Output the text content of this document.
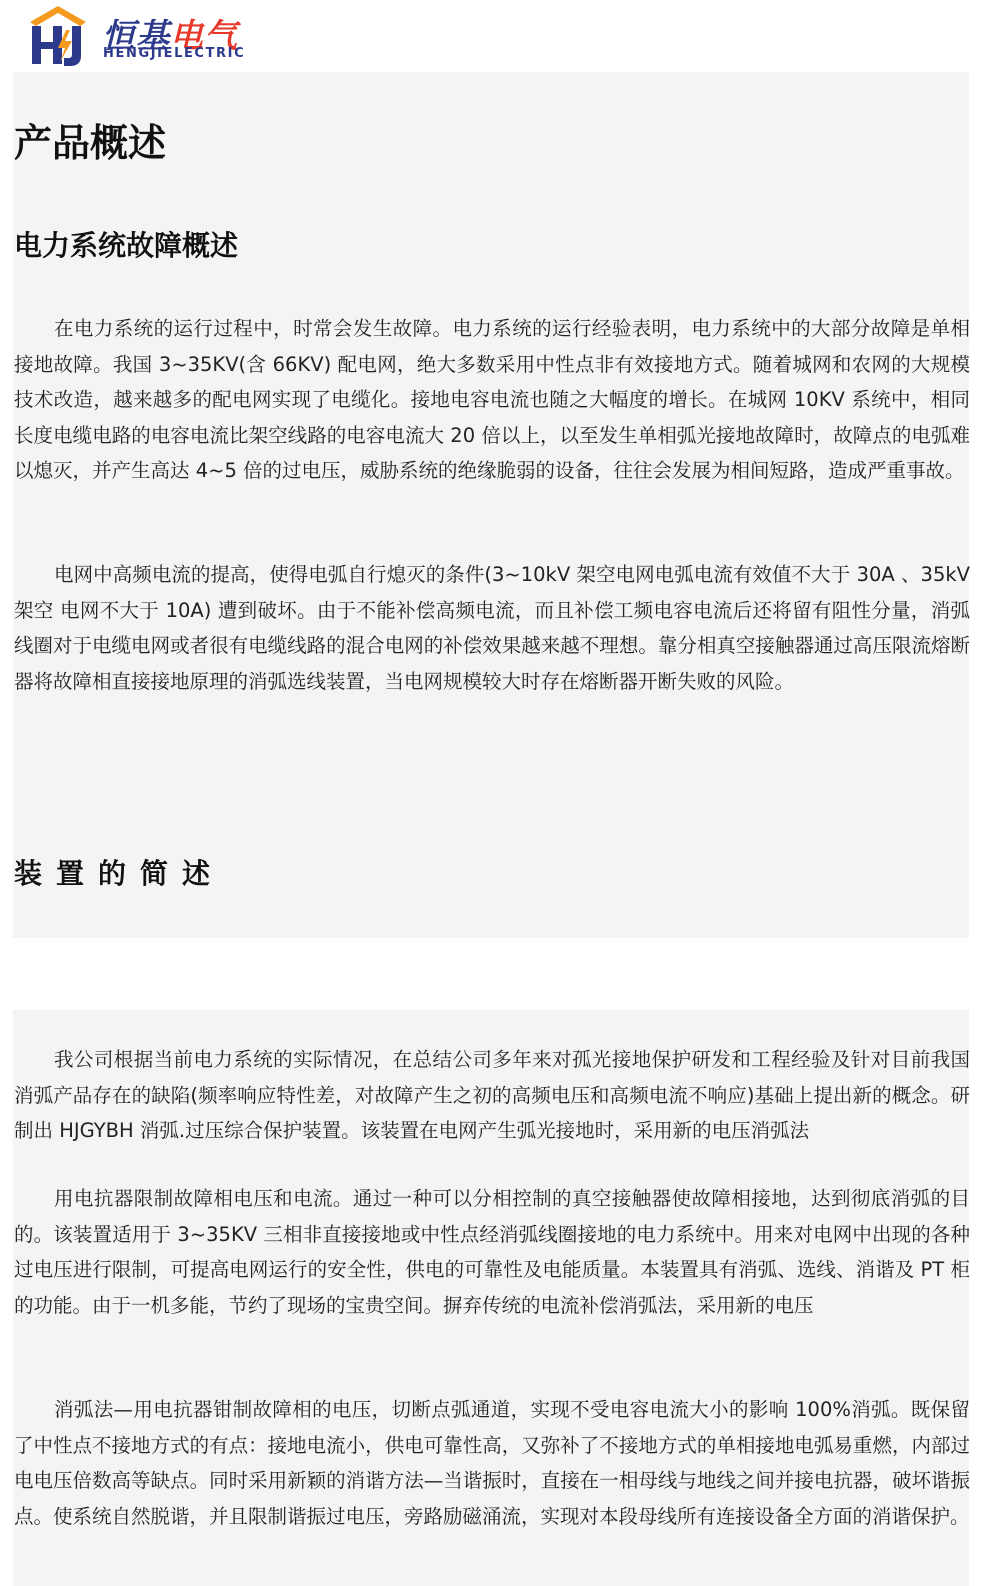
恒基电气
HENGJIELECTRIC
产品概述
电力系统故障概述

在电力系统的运行过程中，时常会发生故障。电力系统的运行经验表明，电力系统中的大部分故障是单相 接地故障。我国 3~35KV(含 66KV) 配电网，绝大多数采用中性点非有效接地方式。随着城网和农网的大规模技术改造，越来越多的配电网实现了电缆化。接地电容电流也随之大幅度的增长。在城网 10KV 系统中，相同长度电缆电路的电容电流比架空线路的电容电流大 20 倍以上，以至发生单相弧光接地故障时，故障点的电弧难以熄灭，并产生高达 4~5 倍的过电压，威胁系统的绝缘脆弱的设备，往往会发展为相间短路，造成严重事故。

电网中高频电流的提高，使得电弧自行熄灭的条件(3~10kV 架空电网电弧电流有效值不大于 30A 、35kV 架空 电网不大于 10A) 遭到破坏。由于不能补偿高频电流，而且补偿工频电容电流后还将留有阻性分量，消弧线圈对于电缆电网或者很有电缆线路的混合电网的补偿效果越来越不理想。靠分相真空接触器通过高压限流熔断器将故障相直接接地原理的消弧选线装置，当电网规模较大时存在熔断器开断失败的风险。

装置的简述

我公司根据当前电力系统的实际情况，在总结公司多年来对孤光接地保护研发和工程经验及针对目前我国消弧产品存在的缺陷(频率响应特性差，对故障产生之初的高频电压和高频电流不响应)基础上提出新的概念。研制出 HJGYBH 消弧.过压综合保护装置。该装置在电网产生弧光接地时，采用新的电压消弧法

用电抗器限制故障相电压和电流。通过一种可以分相控制的真空接触器使故障相接地，达到彻底消弧的目的。该装置适用于 3~35KV 三相非直接接地或中性点经消弧线圈接地的电力系统中。用来对电网中出现的各种过电压进行限制，可提高电网运行的安全性，供电的可靠性及电能质量。本装置具有消弧、选线、消谐及 PT 柜的功能。由于一机多能，节约了现场的宝贵空间。摒弃传统的电流补偿消弧法，采用新的电压

消弧法—用电抗器钳制故障相的电压，切断点弧通道，实现不受电容电流大小的影响 100%消弧。既保留了中性点不接地方式的有点：接地电流小，供电可靠性高，又弥补了不接地方式的单相接地电弧易重燃，内部过电电压倍数高等缺点。同时采用新颖的消谐方法—当谐振时，直接在一相母线与地线之间并接电抗器，破坏谐振点。使系统自然脱谐，并且限制谐振过电压，旁路励磁涌流，实现对本段母线所有连接设备全方面的消谐保护。
